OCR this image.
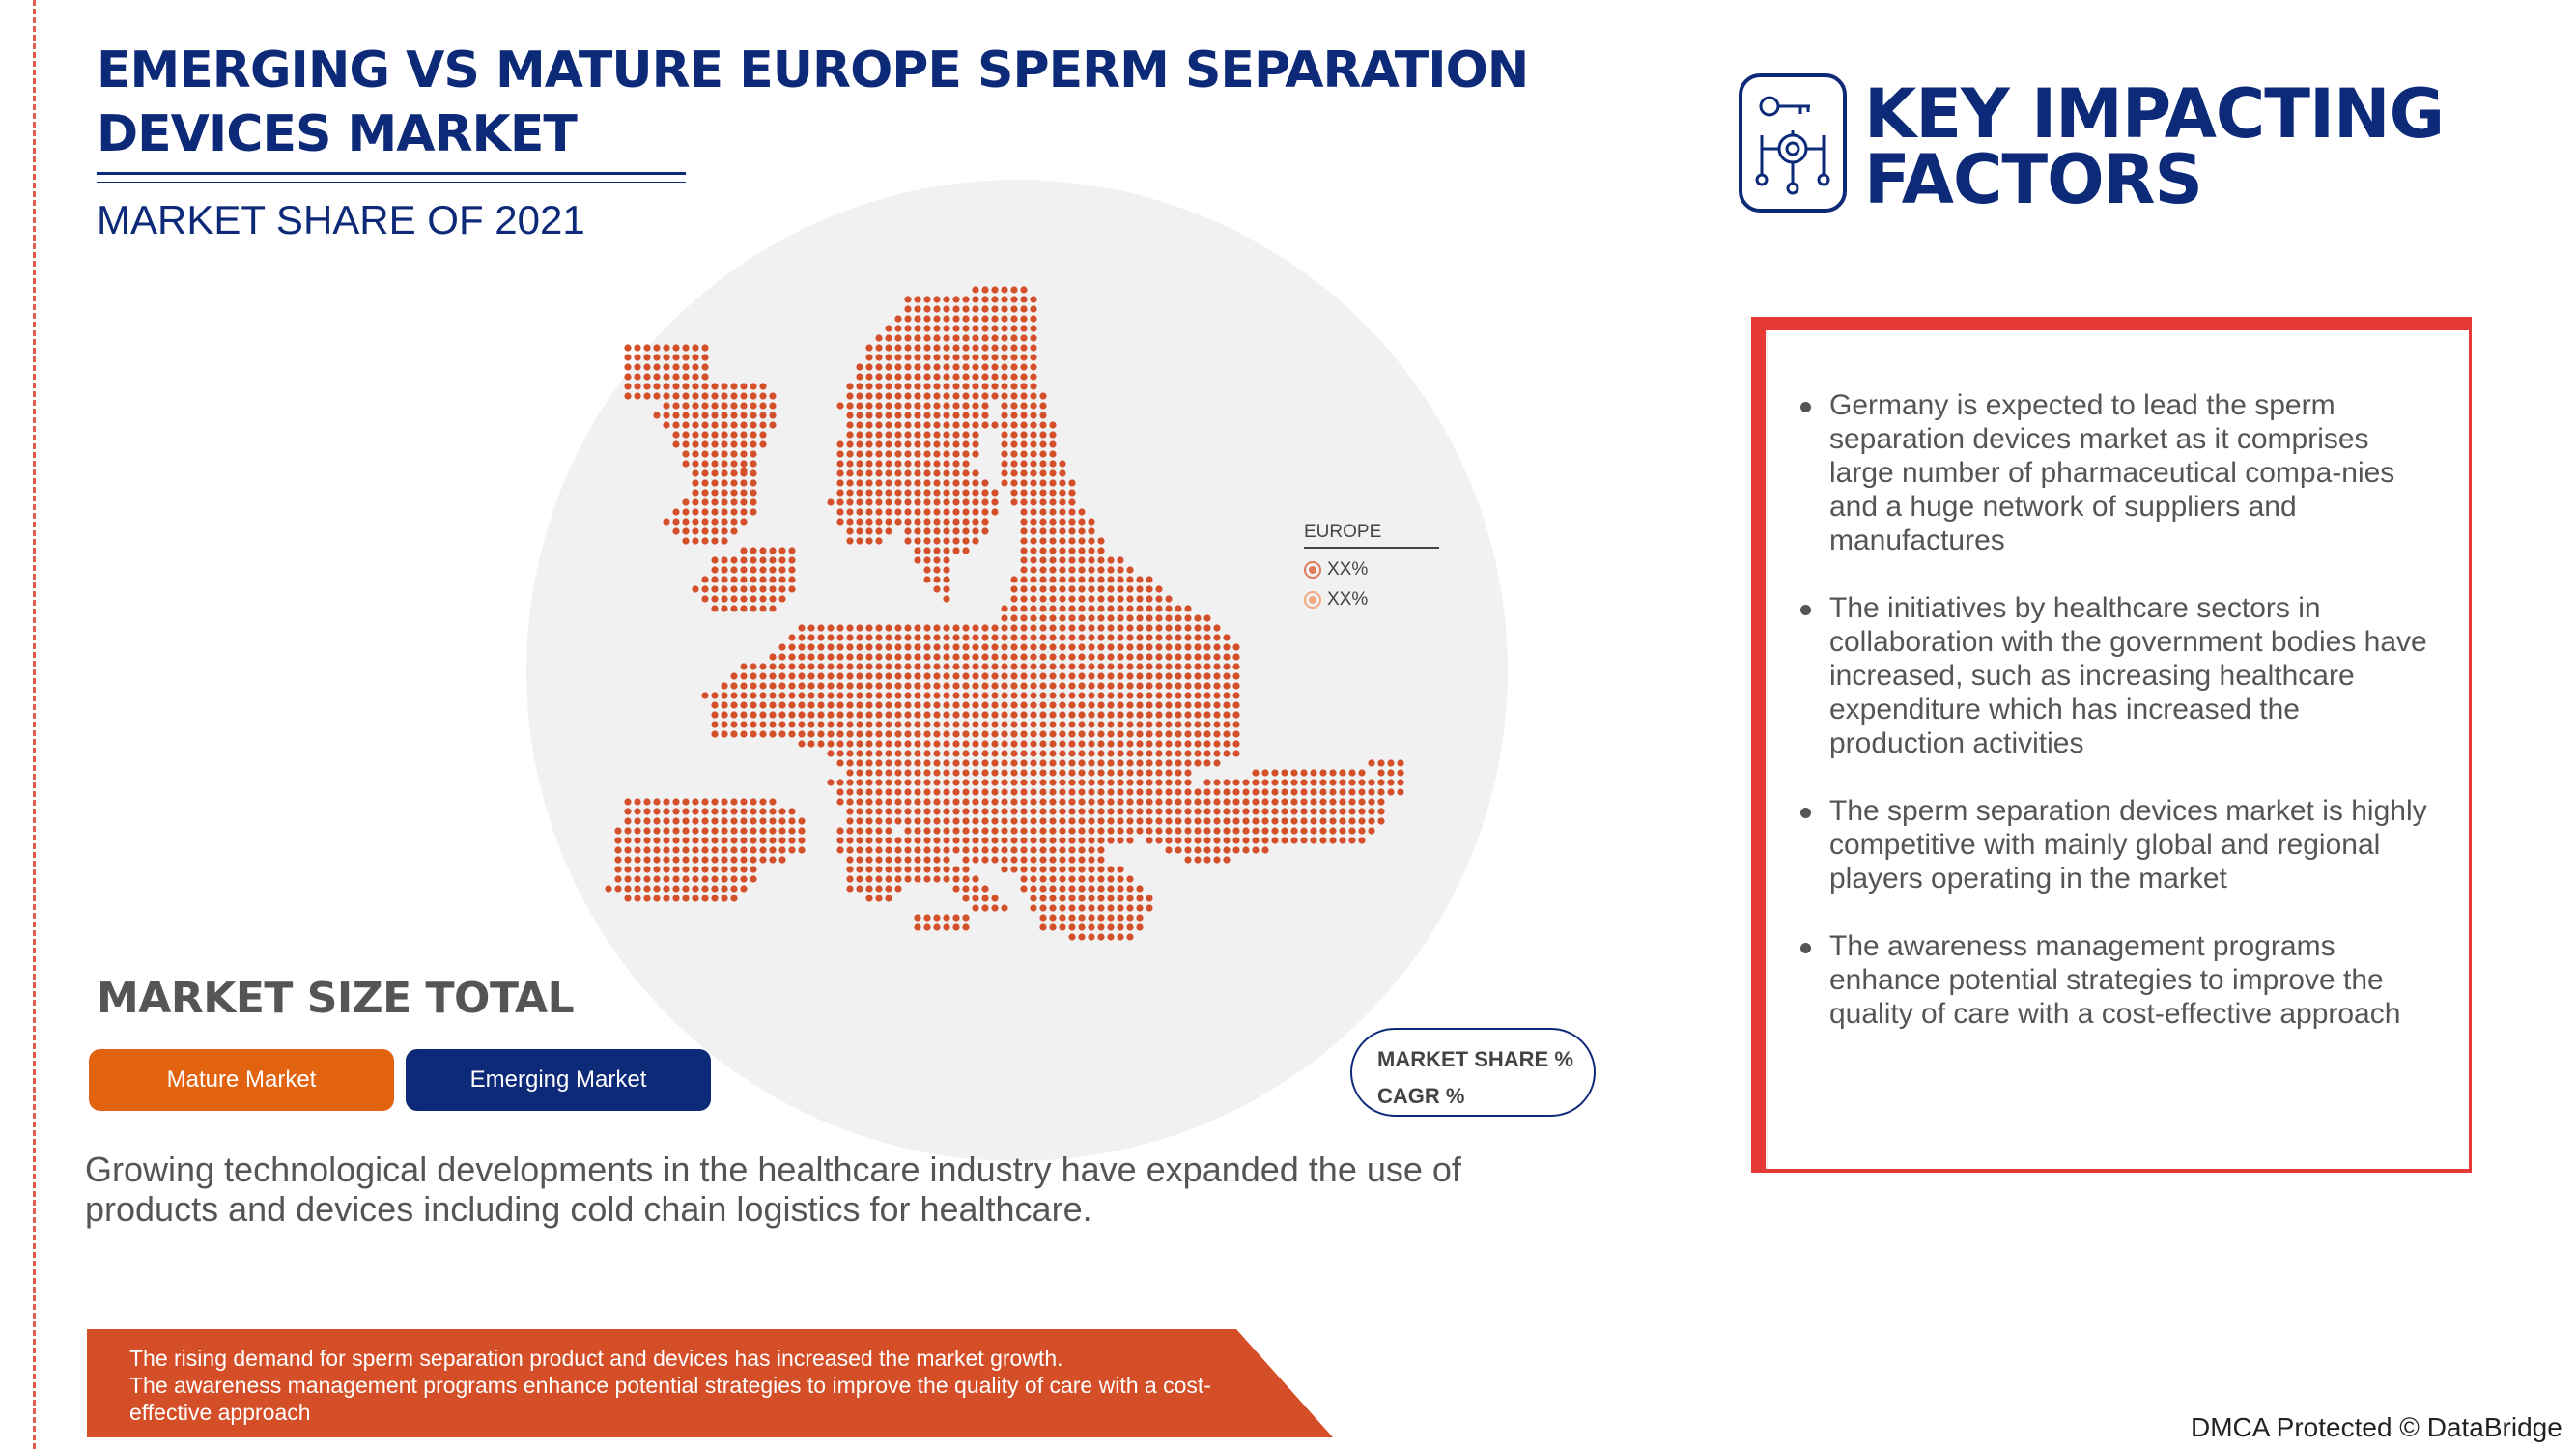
EMERGING VS MATURE EUROPE SPERM SEPARATION DEVICES MARKET
MARKET SHARE OF 2021
EUROPE
XX%
XX%
MARKET SIZE TOTAL
Mature Market	Emerging Market
MARKET SHARE %
CAGR %

Growing technological developments in the healthcare industry have expanded the use of products and devices including cold chain logistics for healthcare.

The rising demand for sperm separation product and devices has increased the market growth.
The awareness management programs enhance potential strategies to improve the quality of care with a cost-effective approach
KEY IMPACTING
FACTORS
Germany is expected to lead the sperm separation devices market as it comprises large number of pharmaceutical compa-nies and a huge network of suppliers and manufactures
The initiatives by healthcare sectors in collaboration with the government bodies have increased, such as increasing healthcare expenditure which has increased the production activities
The sperm separation devices market is highly competitive with mainly global and regional players operating in the market
The awareness management programs enhance potential strategies to improve the quality of care with a cost-effective approach
DMCA Protected © DataBridge
